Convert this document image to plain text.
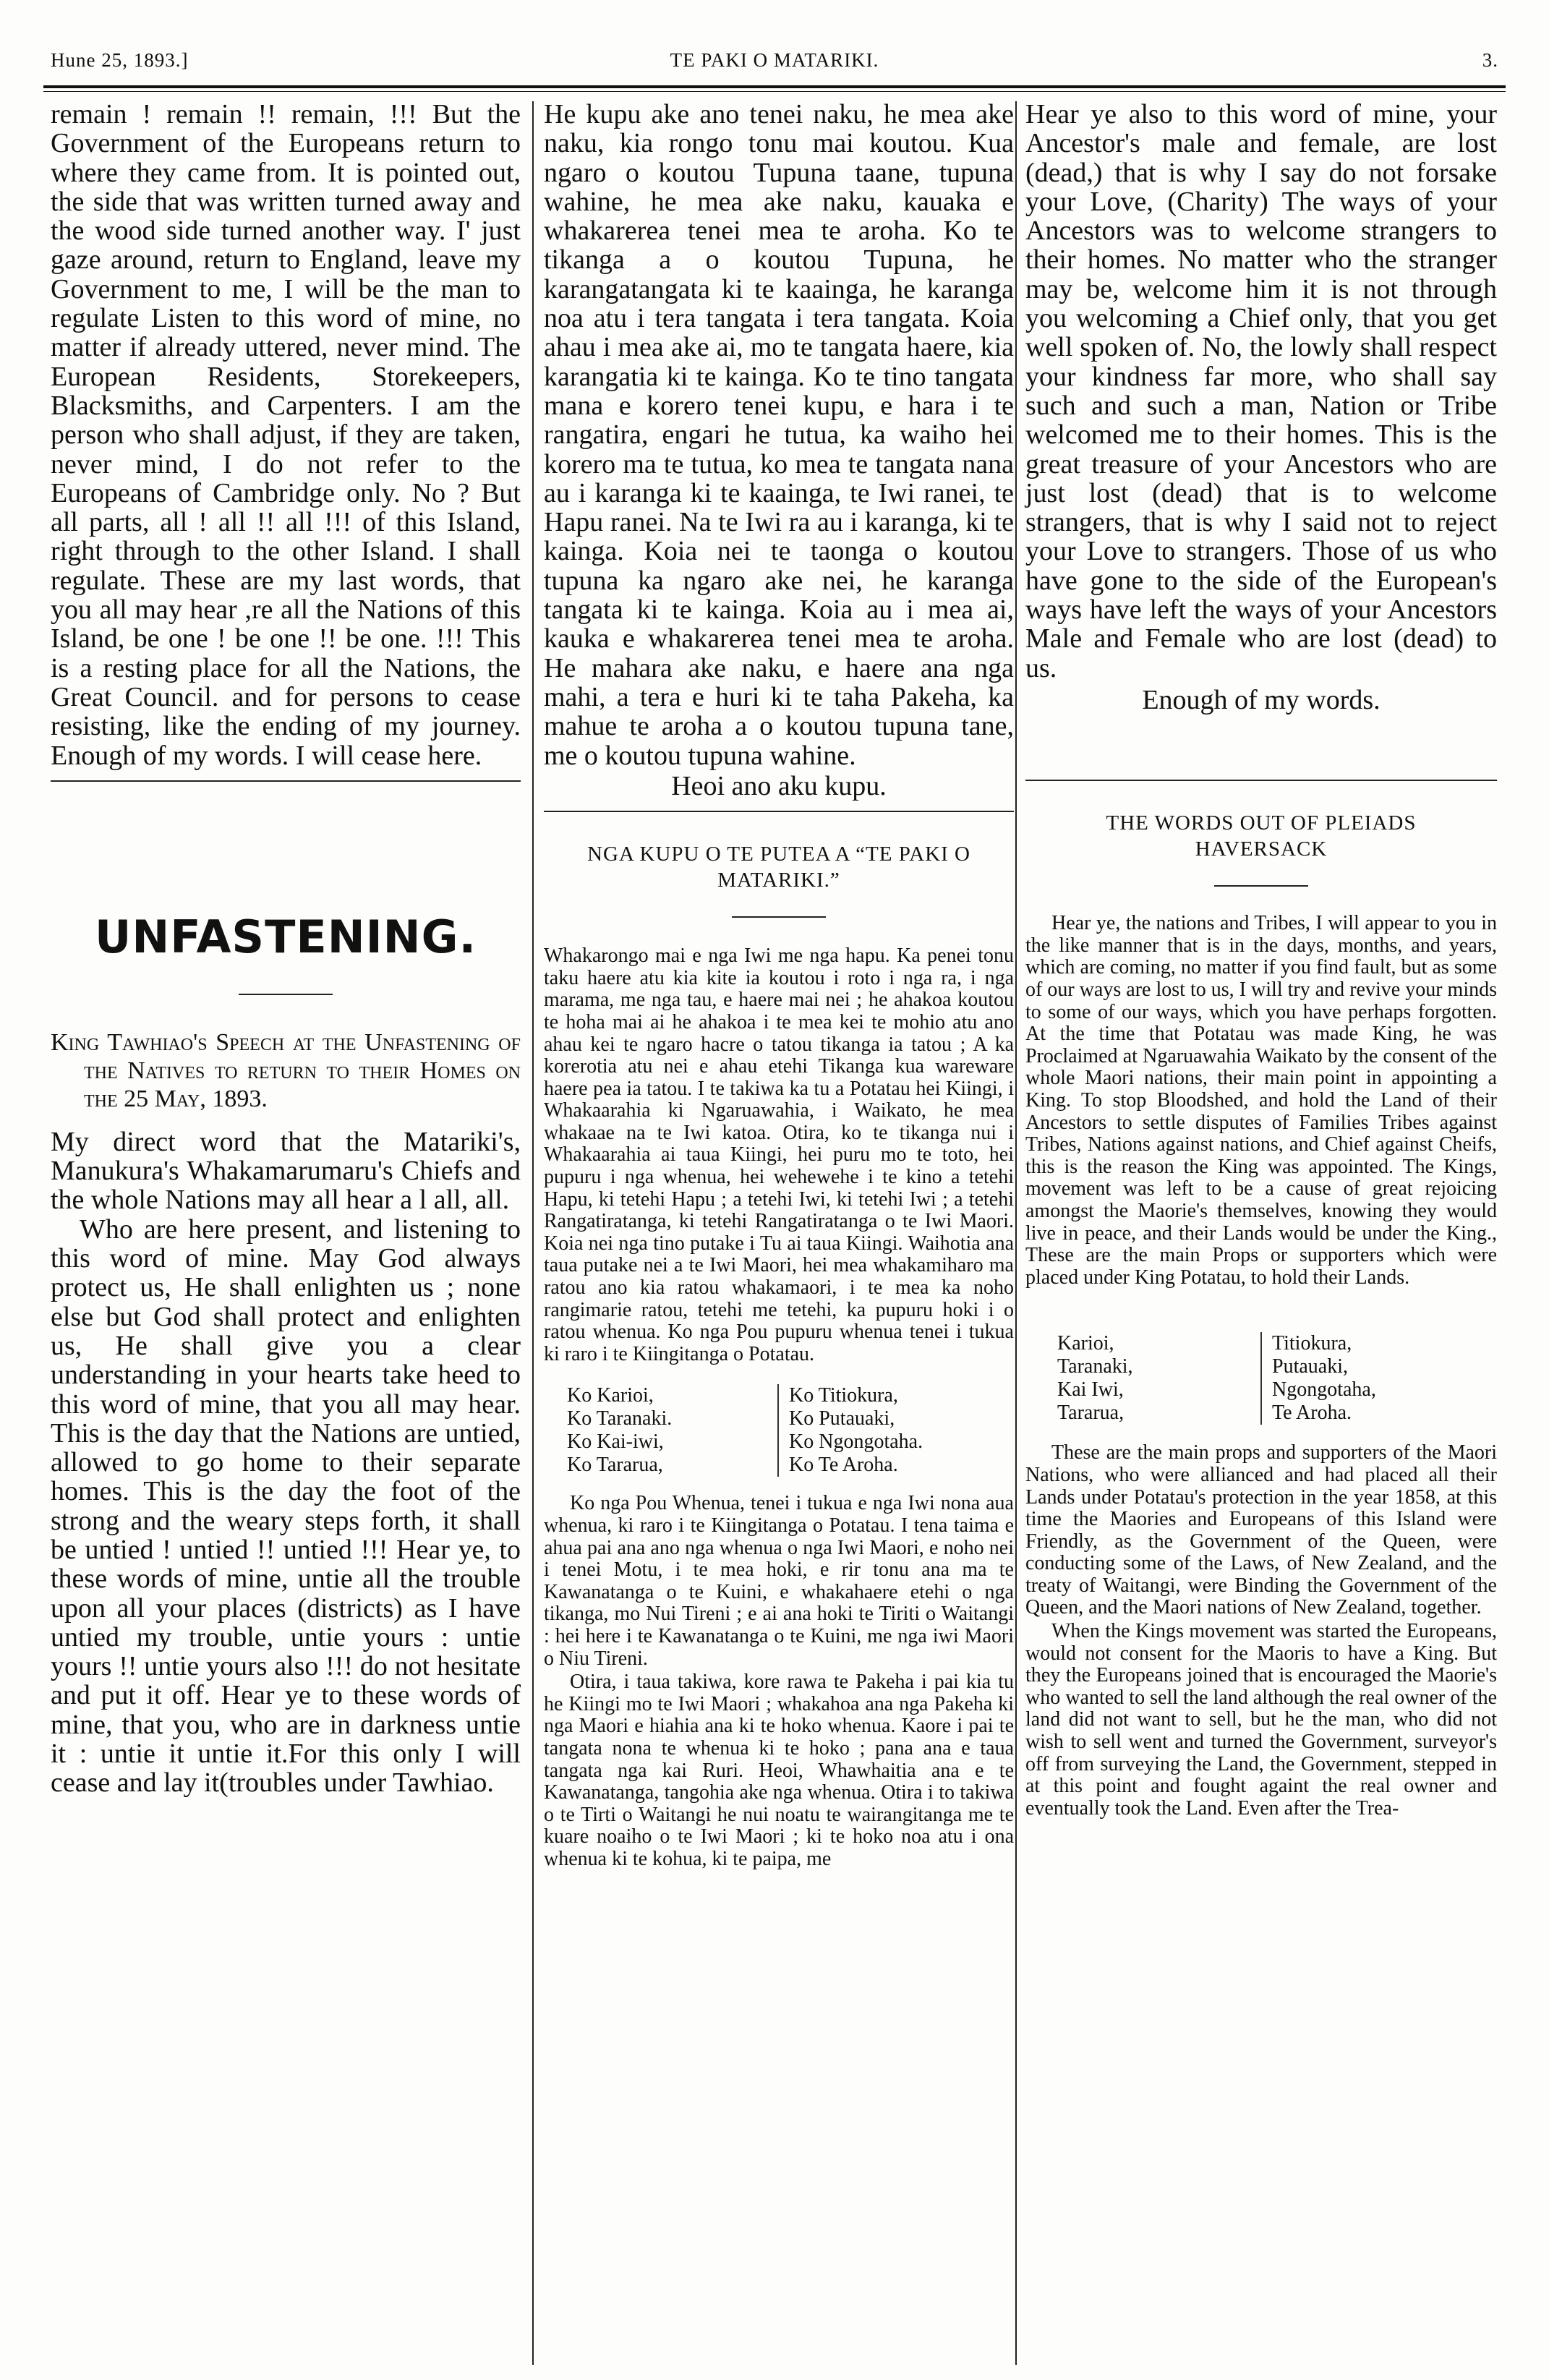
Hune 25, 1893.]	TE PAKI O MATARIKI.	3.

remain ! remain !! remain, !!! But the Government of the Europeans return to where they came from. It is pointed out, the side that was written turned away and the wood side turned another way. I' just gaze around, return to England, leave my Government to me, I will be the man to regulate Listen to this word of mine, no matter if already uttered, never mind. The European Residents, Storekeepers, Blacksmiths, and Carpenters. I am the person who shall adjust, if they are taken, never mind, I do not refer to the Europeans of Cambridge only. No ? But all parts, all ! all !! all !!! of this Island, right through to the other Island. I shall regulate. These are my last words, that you all may hear ,re all the Nations of this Island, be one ! be one !! be one. !!! This is a resting place for all the Nations, the Great Council. and for persons to cease resisting, like the ending of my journey. Enough of my words. I will cease here.

UNFASTENING.
King Tawhiao's Speech at the Unfastening of the Natives to return to their Homes on the 25 May, 1893.

My direct word that the Matariki's, Manukura's Whakamarumaru's Chiefs and the whole Nations may all hear a l all, all.

Who are here present, and listening to this word of mine. May God always protect us, He shall enlighten us ; none else but God shall protect and enlighten us, He shall give you a clear understanding in your hearts take heed to this word of mine, that you all may hear. This is the day that the Nations are untied, allowed to go home to their separate homes. This is the day the foot of the strong and the weary steps forth, it shall be untied ! untied !! untied !!! Hear ye, to these words of mine, untie all the trouble upon all your places (districts) as I have untied my trouble, untie yours : untie yours !! untie yours also !!! do not hesitate and put it off. Hear ye to these words of mine, that you, who are in darkness untie it : untie it untie it.For this only I will cease and lay it(troubles under Tawhiao.

He kupu ake ano tenei naku, he mea ake naku, kia rongo tonu mai koutou. Kua ngaro o koutou Tupuna taane, tupuna wahine, he mea ake naku, kauaka e whakarerea tenei mea te aroha. Ko te tikanga a o koutou Tupuna, he karangatangata ki te kaainga, he karanga noa atu i tera tangata i tera tangata. Koia ahau i mea ake ai, mo te tangata haere, kia karangatia ki te kainga. Ko te tino tangata mana e korero tenei kupu, e hara i te rangatira, engari he tutua, ka waiho hei korero ma te tutua, ko mea te tangata nana au i karanga ki te kaainga, te Iwi ranei, te Hapu ranei. Na te Iwi ra au i karanga, ki te kainga. Koia nei te taonga o koutou tupuna ka ngaro ake nei, he karanga tangata ki te kainga. Koia au i mea ai, kauka e whakarerea tenei mea te aroha. He mahara ake naku, e haere ana nga mahi, a tera e huri ki te taha Pakeha, ka mahue te aroha a o koutou tupuna tane, me o koutou tupuna wahine.

Heoi ano aku kupu.
NGA KUPU O TE PUTEA A “TE PAKI O MATARIKI.”

Whakarongo mai e nga Iwi me nga hapu. Ka penei tonu taku haere atu kia kite ia koutou i roto i nga ra, i nga marama, me nga tau, e haere mai nei ; he ahakoa koutou te hoha mai ai he ahakoa i te mea kei te mohio atu ano ahau kei te ngaro hacre o tatou tikanga ia tatou ; A ka korerotia atu nei e ahau etehi Tikanga kua wareware haere pea ia tatou. I te takiwa ka tu a Potatau hei Kiingi, i Whakaarahia ki Ngaruawahia, i Waikato, he mea whakaae na te Iwi katoa. Otira, ko te tikanga nui i Whakaarahia ai taua Kiingi, hei puru mo te toto, hei pupuru i nga whenua, hei wehewehe i te kino a tetehi Hapu, ki tetehi Hapu ; a tetehi Iwi, ki tetehi Iwi ; a tetehi Rangatiratanga, ki tetehi Rangatiratanga o te Iwi Maori. Koia nei nga tino putake i Tu ai taua Kiingi. Waihotia ana taua putake nei a te Iwi Maori, hei mea whakamiharo ma ratou ano kia ratou whakamaori, i te mea ka noho rangimarie ratou, tetehi me tetehi, ka pupuru hoki i o ratou whenua. Ko nga Pou pupuru whenua tenei i tukua ki raro i te Kiingitanga o Potatau.

Ko Karioi,
Ko Taranaki.
Ko Kai-iwi,
Ko Tararua,
Ko Titiokura,
Ko Putauaki,
Ko Ngongotaha.
Ko Te Aroha.

Ko nga Pou Whenua, tenei i tukua e nga Iwi nona aua whenua, ki raro i te Kiingitanga o Potatau. I tena taima e ahua pai ana ano nga whenua o nga Iwi Maori, e noho nei i tenei Motu, i te mea hoki, e rir tonu ana ma te Kawanatanga o te Kuini, e whakahaere etehi o nga tikanga, mo Nui Tireni ; e ai ana hoki te Tiriti o Waitangi : hei here i te Kawanatanga o te Kuini, me nga iwi Maori o Niu Tireni.

Otira, i taua takiwa, kore rawa te Pakeha i pai kia tu he Kiingi mo te Iwi Maori ; whakahoa ana nga Pakeha ki nga Maori e hiahia ana ki te hoko whenua. Kaore i pai te tangata nona te whenua ki te hoko ; pana ana e taua tangata nga kai Ruri. Heoi, Whawhaitia ana e te Kawanatanga, tangohia ake nga whenua. Otira i to takiwa o te Tirti o Waitangi he nui noatu te wairangitanga me te kuare noaiho o te Iwi Maori ; ki te hoko noa atu i ona whenua ki te kohua, ki te paipa, me

Hear ye also to this word of mine, your Ancestor's male and female, are lost (dead,) that is why I say do not forsake your Love, (Charity) The ways of your Ancestors was to welcome strangers to their homes. No matter who the stranger may be, welcome him it is not through you welcoming a Chief only, that you get well spoken of. No, the lowly shall respect your kindness far more, who shall say such and such a man, Nation or Tribe welcomed me to their homes. This is the great treasure of your Ancestors who are just lost (dead) that is to welcome strangers, that is why I said not to reject your Love to strangers. Those of us who have gone to the side of the European's ways have left the ways of your Ancestors Male and Female who are lost (dead) to us.

Enough of my words.
THE WORDS OUT OF PLEIADS HAVERSACK

Hear ye, the nations and Tribes, I will appear to you in the like manner that is in the days, months, and years, which are coming, no matter if you find fault, but as some of our ways are lost to us, I will try and revive your minds to some of our ways, which you have perhaps forgotten. At the time that Potatau was made King, he was Proclaimed at Ngaruawahia Waikato by the consent of the whole Maori nations, their main point in appointing a King. To stop Bloodshed, and hold the Land of their Ancestors to settle disputes of Families Tribes against Tribes, Nations against nations, and Chief against Cheifs, this is the reason the King was appointed. The Kings, movement was left to be a cause of great rejoicing amongst the Maorie's themselves, knowing they would live in peace, and their Lands would be under the King., These are the main Props or supporters which were placed under King Potatau, to hold their Lands.

Karioi,
Taranaki,
Kai Iwi,
Tararua,
Titiokura,
Putauaki,
Ngongotaha,
Te Aroha.

These are the main props and supporters of the Maori Nations, who were allianced and had placed all their Lands under Potatau's protection in the year 1858, at this time the Maories and Europeans of this Island were Friendly, as the Government of the Queen, were conducting some of the Laws, of New Zealand, and the treaty of Waitangi, were Binding the Government of the Queen, and the Maori nations of New Zealand, together.

When the Kings movement was started the Europeans, would not consent for the Maoris to have a King. But they the Europeans joined that is encouraged the Maorie's who wanted to sell the land although the real owner of the land did not want to sell, but he the man, who did not wish to sell went and turned the Government, surveyor's off from surveying the Land, the Government, stepped in at this point and fought againt the real owner and eventually took the Land. Even after the Trea-
